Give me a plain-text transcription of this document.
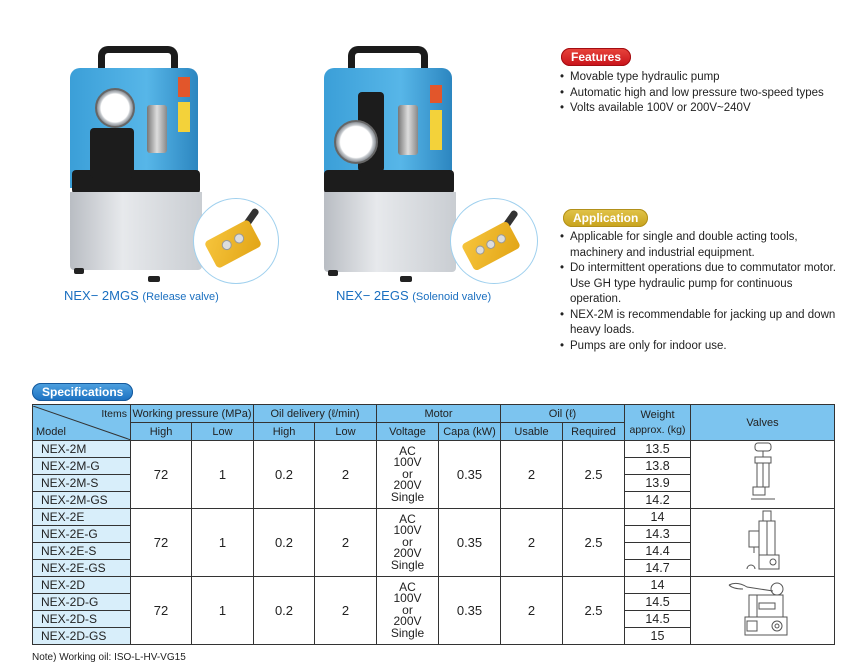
NEX− 2MGS (Release valve)	NEX− 2EGS (Solenoid valve)
Features
• Movable type hydraulic pump
• Automatic high and low pressure two-speed types
• Volts available 100V or 200V~240V
Application
• Applicable for single and double acting tools, machinery and industrial equipment.
• Do intermittent operations due to commutator motor.
Use GH type hydraulic pump for continuous operation.
• NEX-2M is recommendable for jacking up and down heavy loads.
• Pumps are only for indoor use.
Specifications
Items
Model	Working pressure (MPa)		Oil delivery (ℓ/min)		Motor		Oil (ℓ)		Weight
approx. (kg)	Valves
	High	Low	High	Low	Voltage	Capa (kW)	Usable	Required		
NEX-2M	72	1	0.2	2	AC
100V
or
200V
Single	0.35	2	2.5	13.5	
NEX-2M-G									13.8	
NEX-2M-S									13.9	
NEX-2M-GS									14.2	
NEX-2E	72	1	0.2	2	AC
100V
or
200V
Single	0.35	2	2.5	14	
NEX-2E-G									14.3	
NEX-2E-S									14.4	
NEX-2E-GS									14.7	
NEX-2D	72	1	0.2	2	AC
100V
or
200V
Single	0.35	2	2.5	14	
NEX-2D-G									14.5	
NEX-2D-S									14.5	
NEX-2D-GS									15	
Note) Working oil: ISO-L-HV-VG15
